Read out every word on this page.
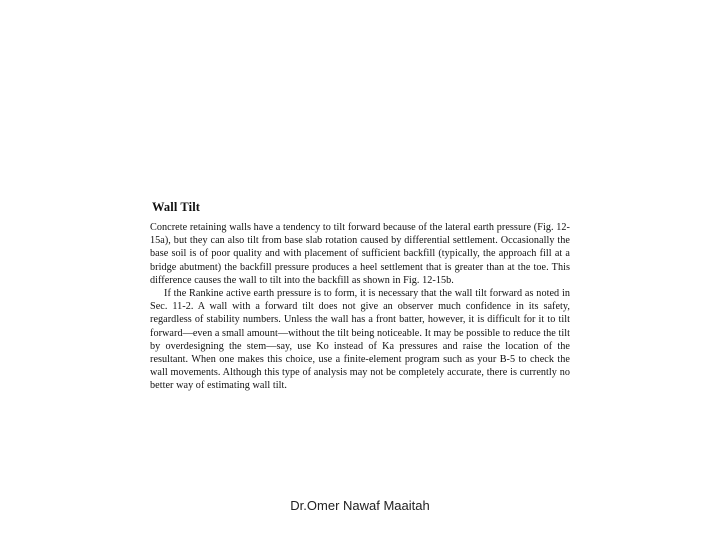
Wall Tilt

Concrete retaining walls have a tendency to tilt forward because of the lateral earth pressure (Fig. 12-15a), but they can also tilt from base slab rotation caused by differential settlement. Occasionally the base soil is of poor quality and with placement of sufficient backfill (typically, the approach fill at a bridge abutment) the backfill pressure produces a heel settlement that is greater than at the toe. This difference causes the wall to tilt into the backfill as shown in Fig. 12-15b.

If the Rankine active earth pressure is to form, it is necessary that the wall tilt forward as noted in Sec. 11-2. A wall with a forward tilt does not give an observer much confidence in its safety, regardless of stability numbers. Unless the wall has a front batter, however, it is difficult for it to tilt forward—even a small amount—without the tilt being noticeable. It may be possible to reduce the tilt by overdesigning the stem—say, use Ko instead of Ka pressures and raise the location of the resultant. When one makes this choice, use a finite-element program such as your B-5 to check the wall movements. Although this type of analysis may not be completely accurate, there is currently no better way of estimating wall tilt.

Dr.Omer Nawaf Maaitah
